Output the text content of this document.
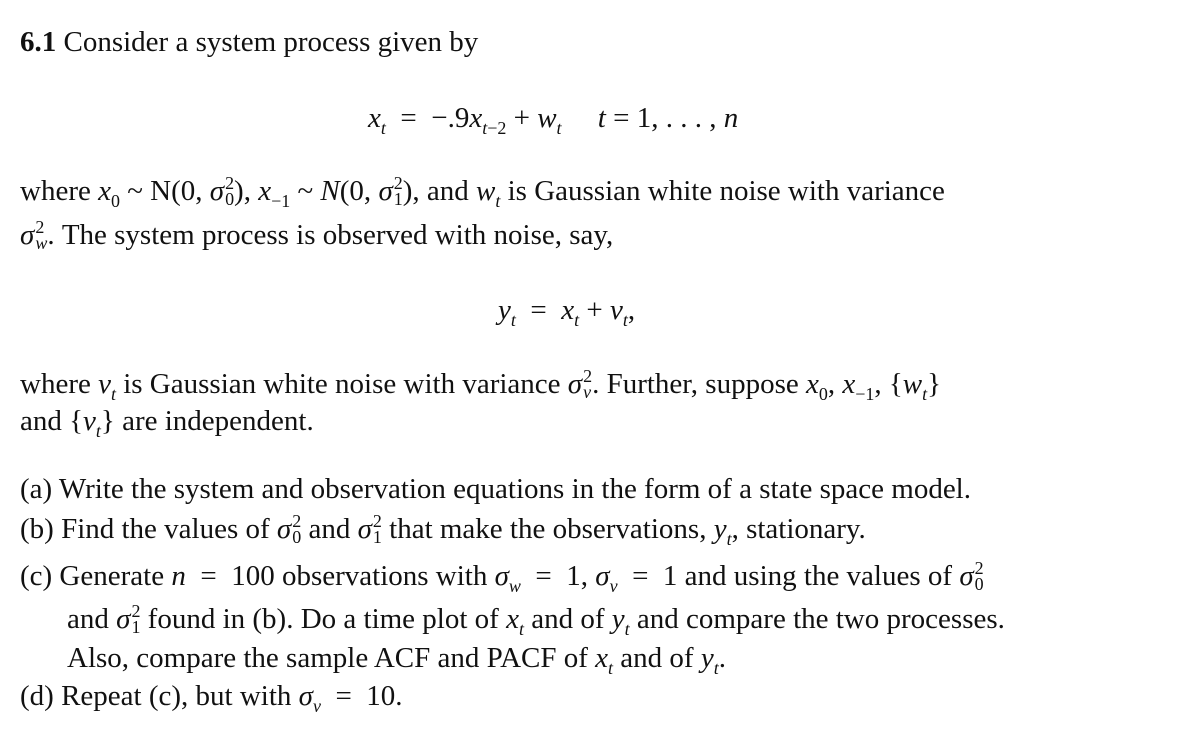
6.1 Consider a system process given by
$x_t = -.9x_{t-2} + w_t$ t = 1, . . . , n
where $x_0$ ~ N(0, σ 2
0 ), $x_{-1}$ ~ N(0, σ 2
1 ), and $w_t$ is Gaussian white noise with variance
σ 2
w . The system process is observed with noise, say,
$y_t = x_t + v_t$,
where $v_t$ is Gaussian white noise with variance σ 2
v . Further, suppose $x_0$, $x_{-1}$, $\{w_t\}$
and $\{v_t\}$ are independent.
(a) Write the system and observation equations in the form of a state space model.
(b) Find the values of σ 2
0 and σ 2
1 that make the observations, $y_t$, stationary.
(c) Generate n  =  100 observations with $\sigma_w = 1$, $\sigma_v = 1$ and using the values of σ 2
0
and σ 2
1 found in (b). Do a time plot of $x_t$ and of $y_t$ and compare the two processes.
Also, compare the sample ACF and PACF of $x_t$ and of $y_t$.
(d) Repeat (c), but with $\sigma_v = 10$.
